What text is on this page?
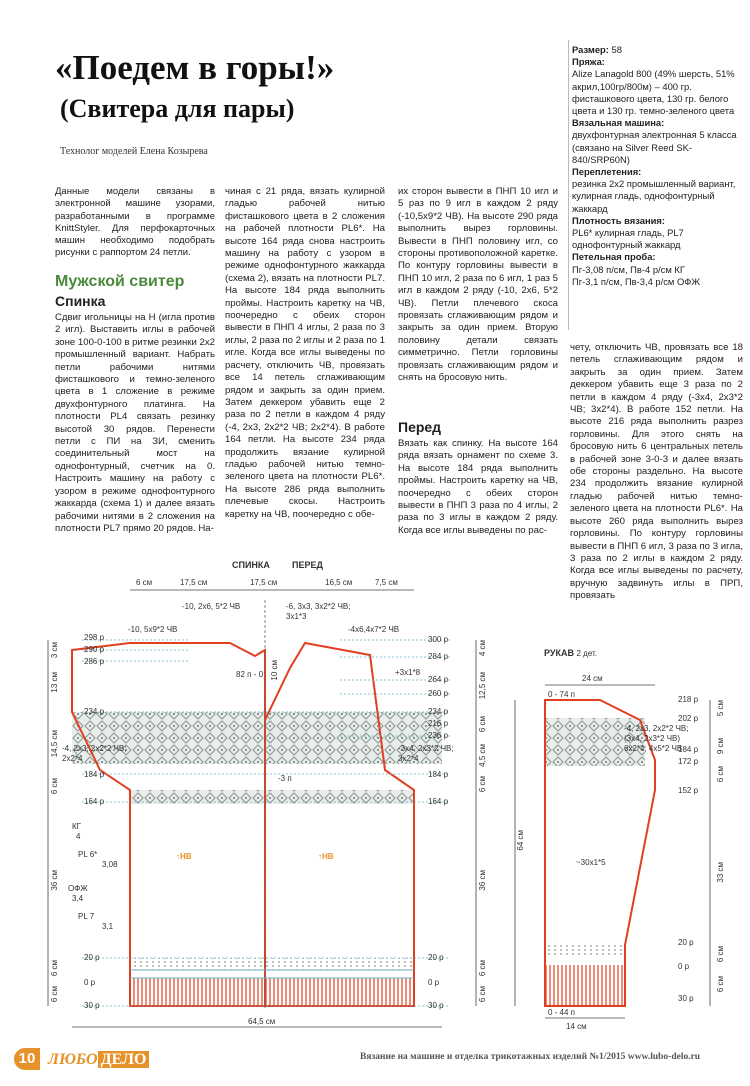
«Поедем в горы!»
(Свитера для пары)
Технолог моделей Елена Козырева

Размер: 58

Пряжа:

Alize Lanagold 800 (49% шерсть, 51% акрил,100гр/800м) – 400 гр. фисташкового цвета, 130 гр. белого цвета и 130 гр. темно-зеленого цвета

Вязальная машина:

двухфонтурная электронная 5 класса (связано на Silver Reed SK-840/SRP60N)

Переплетения:

резинка 2х2 промышленный вариант, кулирная гладь, однофонтурный жаккард

Плотность вязания:

PL6* кулирная гладь, PL7 однофонтурный жаккард

Петельная проба:

Пг-3,08 п/см, Пв-4 р/см КГ

Пг-3,1 п/см, Пв-3,4 р/см ОФЖ

Данные модели связаны в электронной машине узорами, разработанными в программе KnittStyler. Для перфокарточных машин необходимо подобрать рисунки с раппортом 24 петли.
Мужской свитер
Спинка
Сдвиг игольницы на Н (игла против 2 игл). Выставить иглы в рабочей зоне 100-0-100 в ритме резинки 2х2 промышленный вариант. Набрать петли рабочими нитями фисташкового и темно-зеленого цвета в 1 сложение в режиме двухфонтурного платинга. На плотности PL4 связать резинку высотой 30 рядов. Перенести петли с ПИ на ЗИ, сменить соединительный мост на однофонтурный, счетчик на 0. Настроить машину на работу с узором в режиме однофонтурного жаккарда (схема 1) и далее вязать рабочими нитями в 2 сложения на плотности PL7 прямо 20 рядов. На-
чиная с 21 ряда, вязать кулирной гладью рабочей нитью фисташкового цвета в 2 сложения на рабочей плотности PL6*. На высоте 164 ряда снова настроить машину на работу с узором в режиме однофонтурного жаккарда (схема 2), вязать на плотности PL7. На высоте 184 ряда выполнить проймы. Настроить каретку на ЧВ, поочередно с обеих сторон вывести в ПНП 4 иглы, 2 раза по 3 иглы, 2 раза по 2 иглы и 2 раза по 1 игле. Когда все иглы выведены по расчету, отключить ЧВ, провязать все 14 петель сглаживающим рядом и закрыть за один прием. Затем деккером убавить еще 2 раза по 2 петли в каждом 4 ряду (-4, 2х3, 2х2*2 ЧВ; 2х2*4). В работе 164 петли. На высоте 234 ряда продолжить вязание кулирной гладью рабочей нитью темно-зеленого цвета на плотности PL6*. На высоте 286 ряда выполнить плечевые скосы. Настроить каретку на ЧВ, поочередно с обе-
их сторон вывести в ПНП 10 игл и 5 раз по 9 игл в каждом 2 ряду (-10,5х9*2 ЧВ). На высоте 290 ряда выполнить вырез горловины. Вывести в ПНП половину игл, со стороны противоположной каретке. По контуру горловины вывести в ПНП 10 игл, 2 раза по 6 игл, 1 раз 5 игл в каждом 2 ряду (-10, 2х6, 5*2 ЧВ). Петли плечевого скоса провязать сглаживающим рядом и закрыть за один прием. Вторую половину детали связать симметрично. Петли горловины провязать сглаживающим рядом и снять на бросовую нить.
Перед
Вязать как спинку. На высоте 164 ряда вязать орнамент по схеме 3. На высоте 184 ряда выполнить проймы. Настроить каретку на ЧВ, поочередно с обеих сторон вывести в ПНП 3 раза по 4 иглы, 2 раза по 3 иглы в каждом 2 ряду. Когда все иглы выведены по рас-
чету, отключить ЧВ, провязать все 18 петель сглаживающим рядом и закрыть за один прием. Затем деккером убавить еще 3 раза по 2 петли в каждом 4 ряду (-3х4, 2х3*2 ЧВ; 3х2*4). В работе 152 петли. На высоте 216 ряда выполнить разрез горловины. Для этого снять на бросовую нить 6 центральных петель в рабочей зоне 3-0-3 и далее вязать обе стороны раздельно. На высоте 234 продолжить вязание кулирной гладью рабочей нитью темно-зеленого цвета на плотности PL6*. На высоте 260 ряда выполнить вырез горловины. По контуру горловины вывести в ПНП 6 игл, 3 раза по 3 игла, 3 раза по 2 иглы в каждом 2 ряду. Когда все иглы выведены по расчету, вручную задвинуть иглы в ПРП, провязать
СПИНКА ПЕРЕД
6 см	17,5 см	17,5 см	16,5 см	7,5 см
-10, 2х6, 5*2 ЧВ
-10, 5х9*2 ЧВ
-6, 3х3, 3х2*2 ЧВ;
3х1*3
-4х6,4х7*2 ЧВ
+3х1*8
-4, 2х3, 2х2*2 ЧВ;
2х2*4
-3х4, 2х3*2 ЧВ;
3х2*4
82 п - 0 10 см
-3 п
298 р
290 р
286 р
234 р
184 р
164 р
20 р
0 р
30 р
300 р
284 р
264 р
260 р
236 р
234 р
216 р
184 р
164 р
20 р
0 р
30 р
3 см
13 см
14,5 см
6 см
36 см
6 см
6 см
4 см
12,5 см
6 см
4,5 см
6 см
36 см
6 см
6 см
КГ
4
PL 6*
3,08
ОФЖ
3,4
PL 7
3,1
↑НВ	↑НВ
64,5 см
РУКАВ 2 дет.
24 см
0 - 74 п
0 - 44 п
14 см
64 см
-4, 2х3, 2х2*2 ЧВ;
(3х4, 2х3*2 ЧВ)
6х2*4; 4х5*2 ЧВ
~30х1*5
218 р
202 р
184 р
172 р
152 р
20 р
0 р
30 р
5 см
9 см
6 см
33 см
6 см
6 см
10 ЛЮБО ДЕЛО	Вязание на машине и отделка трикотажных изделий №1/2015 www.lubo-delo.ru
